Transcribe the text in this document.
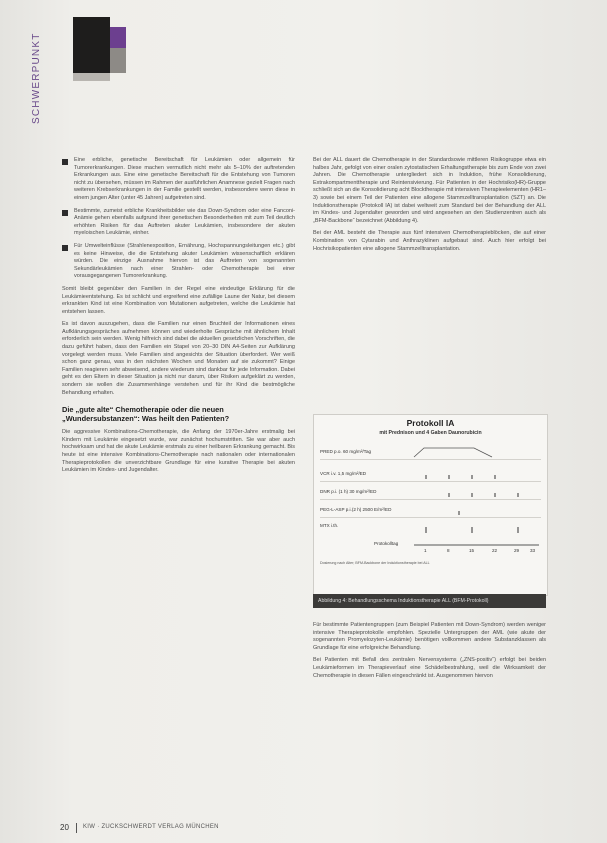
SCHWERPUNKT

Eine erbliche, genetische Bereitschaft für Leukämien oder allgemein für Tumorerkrankungen. Diese machen vermutlich nicht mehr als 5–10% der auftretenden Erkrankungen aus. Eine eine genetische Bereitschaft für die Entstehung von Tumoren nicht zu übersehen, müssen im Rahmen der ausführlichen Anamnese gezielt Fragen nach weiteren Krebserkrankungen in der Familie gestellt werden, insbesondere wenn diese in einem jungen Alter (unter 45 Jahren) aufgetreten sind.

Bestimmte, zumeist erbliche Krankheitsbilder wie das Down-Syndrom oder eine Fanconi-Anämie gehen ebenfalls aufgrund ihrer genetischen Besonderheiten mit zum Teil deutlich erhöhten Risiken für das Auftreten akuter Leukämien, insbesondere der akuten myeloischen Leukämie, einher.

Für Umwelteinflüsse (Strahlenexposition, Ernährung, Hochspannungsleitungen etc.) gibt es keine Hinweise, die die Entstehung akuter Leukämien wissenschaftlich erklären würden. Die einzige Ausnahme hiervon ist das Auftreten von sogenannten Sekundärleukämien nach einer Strahlen- oder Chemotherapie bei einer vorausgegangenen Tumorerkrankung.

Somit bleibt gegenüber den Familien in der Regel eine eindeutige Erklärung für die Leukämieentstehung. Es ist schlicht und ergreifend eine zufällige Laune der Natur, bei diesem erkrankten Kind ist eine Kombination von Mutationen aufgetreten, welche die Leukämie hat entstehen lassen.

Es ist davon auszugehen, dass die Familien nur einen Bruchteil der Informationen eines Aufklärungsgespräches aufnehmen können und wiederholte Gespräche mit ähnlichem Inhalt erforderlich sein werden. Wenig hilfreich sind dabei die aktuellen gesetzlichen Vorschriften, die dazu geführt haben, dass den Familien ein Stapel von 20–30 DIN A4-Seiten zur Aufklärung vorgelegt werden muss. Viele Familien sind angesichts der Situation überfordert. Wer weiß schon ganz genau, was in den nächsten Wochen und Monaten auf sie zukommt? Einige Familien reagieren sehr abweisend, andere wiederum sind dankbar für jede Information. Dabei geht es den Eltern in dieser Situation ja nicht nur darum, über Risiken aufgeklärt zu werden, sondern sie wollen die Zusammenhänge verstehen und für ihr Kind die bestmögliche Behandlung erhalten.

Die „gute alte“ Chemotherapie oder die neuen „Wundersubstanzen“: Was heilt den Patienten?

Die aggressive Kombinations-Chemotherapie, die Anfang der 1970er-Jahre erstmalig bei Kindern mit Leukämie eingesetzt wurde, war zunächst hochumstritten. Sie war aber auch hochwirksam und hat die akute Leukämie erstmals zu einer heilbaren Erkrankung gemacht. Bis heute ist eine intensive Kombinations-Chemotherapie nach nationalen oder internationalen Therapieprotokollen die unverzichtbare Grundlage für eine kurative Therapie bei akuten Leukämien im Kindes- und Jugendalter.

Bei der ALL dauert die Chemotherapie in der Standardsowie mittleren Risikogruppe etwa ein halbes Jahr, gefolgt von einer oralen zytostatischen Erhaltungstherapie bis zum Ende von zwei Jahren. Die Chemotherapie untergliedert sich in Induktion, frühe Konsolidierung, Extrakompartmenttherapie und Reintensivierung. Für Patienten in der Hochrisiko(HR)-Gruppe schließt sich an die Konsolidierung acht Blocktherapie mit intensiven Therapieelementen (HR1–3) sowie bei einem Teil der Patienten eine allogene Stammzelltransplantation (SZT) an. Die Induktionstherapie (Protokoll IA) ist dabei weltweit zum Standard bei der Behandlung der ALL im Kindes- und Jugendalter geworden und wird angesehen an den Studienzentren auch als „BFM-Backbone“ bezeichnet (Abbildung 4).

Bei der AML besteht die Therapie aus fünf intensiven Chemotherapieblöcken, die auf einer Kombination von Cytarabin und Anthrazyklinen aufgebaut sind. Auch hier erfolgt bei Hochrisikopatienten eine allogene Stammzelltransplantation.

Protokoll IA
mit Prednison und 4 Gaben Daunorubicin
PRED p.o. 60 mg/m²/Tag
VCR i.v. 1,5 mg/m²/ED
DNR p.i. (1 h) 30 mg/m²/ED
PEG-L-ASP p.i.(2 h) 2500 E/m²/ED
MTX i.th.
Protokolltag
1	8	15	22	29 33
Dosierung nach Alter; BFM-Backbone der Induktionstherapie bei ALL
Abbildung 4: Behandlungsschema Induktionstherapie ALL (BFM-Protokoll)

Für bestimmte Patientengruppen (zum Beispiel Patienten mit Down-Syndrom) werden weniger intensive Therapieprotokolle empfohlen. Spezielle Untergruppen der AML (wie akute der sogenannten Promyelozyten-Leukämie) benötigen vollkommen andere Substanzklassen als Grundlage für eine erfolgreiche Behandlung.

Bei Patienten mit Befall des zentralen Nervensystems („ZNS-positiv“) erfolgt bei beiden Leukämieformen im Therapieverlauf eine Schädelbestrahlung, weil die Wirksamkeit der Chemotherapie in diesen Fällen eingeschränkt ist. Ausgenommen hiervon

20 KIW · ZUCKSCHWERDT VERLAG MÜNCHEN
